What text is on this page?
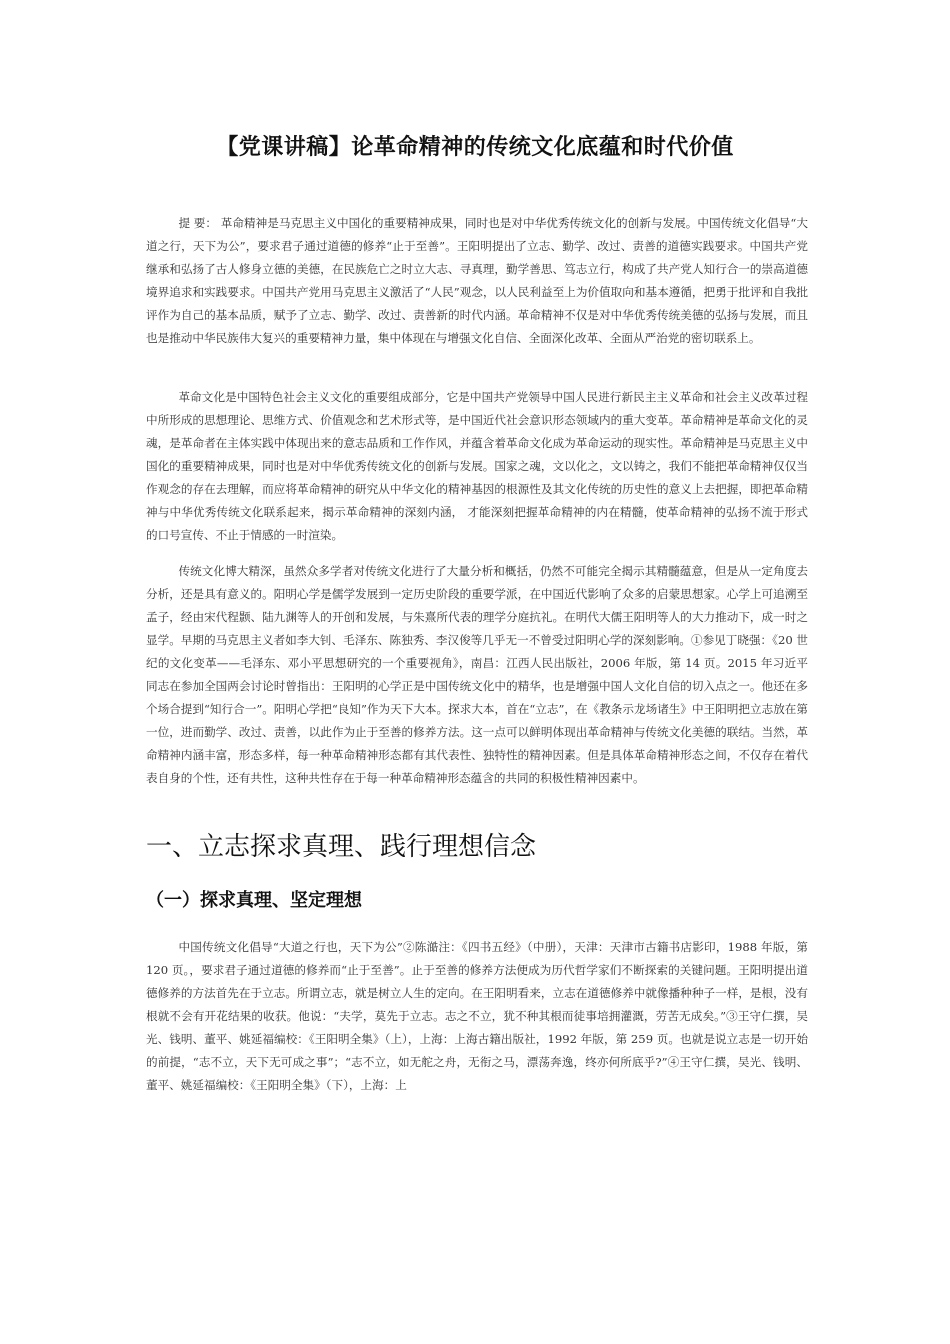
【党课讲稿】论革命精神的传统文化底蕴和时代价值

提 要： 革命精神是马克思主义中国化的重要精神成果，同时也是对中华优秀传统文化的创新与发展。中国传统文化倡导“大道之行，天下为公”，要求君子通过道德的修养“止于至善”。王阳明提出了立志、勤学、改过、责善的道德实践要求。中国共产党继承和弘扬了古人修身立德的美德，在民族危亡之时立大志、寻真理，勤学善思、笃志立行，构成了共产党人知行合一的崇高道德境界追求和实践要求。中国共产党用马克思主义激活了“人民”观念，以人民利益至上为价值取向和基本遵循，把勇于批评和自我批评作为自己的基本品质，赋予了立志、勤学、改过、责善新的时代内涵。革命精神不仅是对中华优秀传统美德的弘扬与发展，而且也是推动中华民族伟大复兴的重要精神力量，集中体现在与增强文化自信、全面深化改革、全面从严治党的密切联系上。

革命文化是中国特色社会主义文化的重要组成部分，它是中国共产党领导中国人民进行新民主主义革命和社会主义改革过程中所形成的思想理论、思维方式、价值观念和艺术形式等，是中国近代社会意识形态领域内的重大变革。革命精神是革命文化的灵魂，是革命者在主体实践中体现出来的意志品质和工作作风，并蕴含着革命文化成为革命运动的现实性。革命精神是马克思主义中国化的重要精神成果，同时也是对中华优秀传统文化的创新与发展。国家之魂，文以化之，文以铸之，我们不能把革命精神仅仅当作观念的存在去理解，而应将革命精神的研究从中华文化的精神基因的根源性及其文化传统的历史性的意义上去把握，即把革命精神与中华优秀传统文化联系起来，揭示革命精神的深刻内涵， 才能深刻把握革命精神的内在精髓，使革命精神的弘扬不流于形式的口号宣传、不止于情感的一时渲染。

传统文化博大精深，虽然众多学者对传统文化进行了大量分析和概括，仍然不可能完全揭示其精髓蕴意，但是从一定角度去分析，还是具有意义的。阳明心学是儒学发展到一定历史阶段的重要学派，在中国近代影响了众多的启蒙思想家。心学上可追溯至孟子，经由宋代程颢、陆九渊等人的开创和发展，与朱熹所代表的理学分庭抗礼。在明代大儒王阳明等人的大力推动下，成一时之显学。早期的马克思主义者如李大钊、毛泽东、陈独秀、李汉俊等几乎无一不曾受过阳明心学的深刻影响。①参见丁晓强：《20 世纪的文化变革——毛泽东、邓小平思想研究的一个重要视角》，南昌：江西人民出版社，2006 年版，第 14 页。2015 年习近平同志在参加全国两会讨论时曾指出：王阳明的心学正是中国传统文化中的精华，也是增强中国人文化自信的切入点之一。他还在多个场合提到“知行合一”。阳明心学把“良知”作为天下大本。探求大本，首在“立志”，在《教条示龙场诸生》中王阳明把立志放在第一位，进而勤学、改过、责善，以此作为止于至善的修养方法。这一点可以鲜明体现出革命精神与传统文化美德的联结。当然，革命精神内涵丰富，形态多样，每一种革命精神形态都有其代表性、独特性的精神因素。但是具体革命精神形态之间，不仅存在着代表自身的个性，还有共性，这种共性存在于每一种革命精神形态蕴含的共同的积极性精神因素中。

一、立志探求真理、践行理想信念
（一）探求真理、坚定理想

中国传统文化倡导“大道之行也，天下为公”②陈澔注：《四书五经》（中册），天津：天津市古籍书店影印，1988 年版，第 120 页。，要求君子通过道德的修养而“止于至善”。止于至善的修养方法便成为历代哲学家们不断探索的关键问题。王阳明提出道德修养的方法首先在于立志。所谓立志，就是树立人生的定向。在王阳明看来，立志在道德修养中就像播种种子一样，是根，没有根就不会有开花结果的收获。他说：“夫学，莫先于立志。志之不立，犹不种其根而徒事培拥灌溉，劳苦无成矣。”③王守仁撰，吴光、钱明、董平、姚延福编校：《王阳明全集》（上），上海：上海古籍出版社，1992 年版，第 259 页。也就是说立志是一切开始的前提，“志不立，天下无可成之事”；“志不立，如无舵之舟，无衔之马，漂荡奔逸，终亦何所底乎?”④王守仁撰，吴光、钱明、董平、姚延福编校：《王阳明全集》（下），上海：上
